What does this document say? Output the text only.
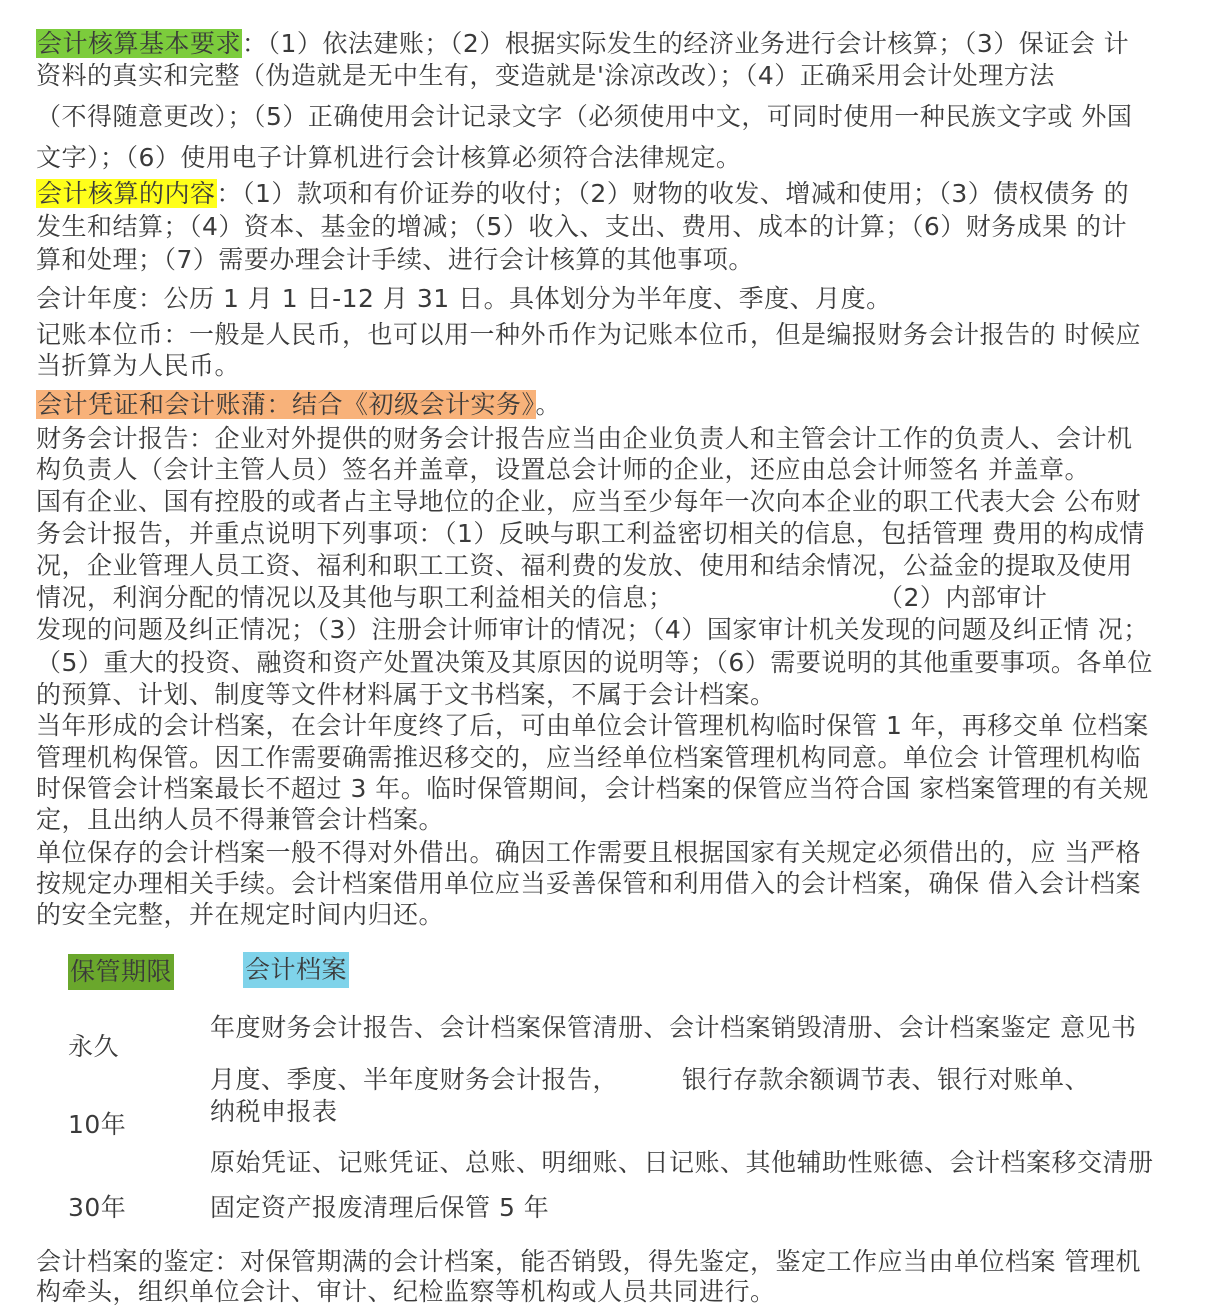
会计核算基本要求：（1）依法建账；（2）根据实际发生的经济业务进行会计核算；（3）保证会 计
资料的真实和完整（伪造就是无中生有，变造就是'涂凉改改）；（4）正确采用会计处理方法
（不得随意更改）；（5）正确使用会计记录文字（必须使用中文，可同时使用一种民族文字或 外国
文字）；（6）使用电子计算机进行会计核算必须符合法律规定。
会计核算的内容：（1）款项和有价证券的收付；（2）财物的收发、增减和使用；（3）债权债务 的
发生和结算；（4）资本、基金的增减；（5）收入、支出、费用、成本的计算；（6）财务成果 的计
算和处理；（7）需要办理会计手续、进行会计核算的其他事项。
会计年度：公历 1 月 1 日-12 月 31 日。具体划分为半年度、季度、月度。
记账本位币：一般是人民币，也可以用一种外币作为记账本位币，但是编报财务会计报告的 时候应
当折算为人民币。
会计凭证和会计账蒲：结合《初级会计实务》。
财务会计报告：企业对外提供的财务会计报告应当由企业负责人和主管会计工作的负责人、会计机
构负责人（会计主管人员）签名并盖章，设置总会计师的企业，还应由总会计师签名 并盖章。
国有企业、国有控股的或者占主导地位的企业，应当至少每年一次向本企业的职工代表大会 公布财
务会计报告，并重点说明下列事项：（1）反映与职工利益密切相关的信息，包括管理 费用的构成情
况，企业管理人员工资、福利和职工工资、福利费的发放、使用和结余情况，公益金的提取及使用
情况，利润分配的情况以及其他与职工利益相关的信息；　　　　　　　　　（2）内部审计
发现的问题及纠正情况；（3）注册会计师审计的情况；（4）国家审计机关发现的问题及纠正情 况；
（5）重大的投资、融资和资产处置决策及其原因的说明等；（6）需要说明的其他重要事项。各单位
的预算、计划、制度等文件材料属于文书档案，不属于会计档案。
当年形成的会计档案，在会计年度终了后，可由单位会计管理机构临时保管 1 年，再移交单 位档案
管理机构保管。因工作需要确需推迟移交的，应当经单位档案管理机构同意。单位会 计管理机构临
时保管会计档案最长不超过 3 年。临时保管期间，会计档案的保管应当符合国 家档案管理的有关规
定，且出纳人员不得兼管会计档案。
单位保存的会计档案一般不得对外借出。确因工作需要且根据国家有关规定必须借出的，应 当严格
按规定办理相关手续。会计档案借用单位应当妥善保管和利用借入的会计档案，确保 借入会计档案
的安全完整，并在规定时间内归还。
保管期限	会计档案
永久
10年
30年
年度财务会计报告、会计档案保管清册、会计档案销毁清册、会计档案鉴定 意见书
月度、季度、半年度财务会计报告，　　　银行存款余额调节表、银行对账单、
纳税申报表
原始凭证、记账凭证、总账、明细账、日记账、其他辅助性账德、会计档案移交清册
固定资产报废清理后保管 5 年
会计档案的鉴定：对保管期满的会计档案，能否销毁，得先鉴定，鉴定工作应当由单位档案 管理机
构牵头，组织单位会计、审计、纪检监察等机构或人员共同进行。
